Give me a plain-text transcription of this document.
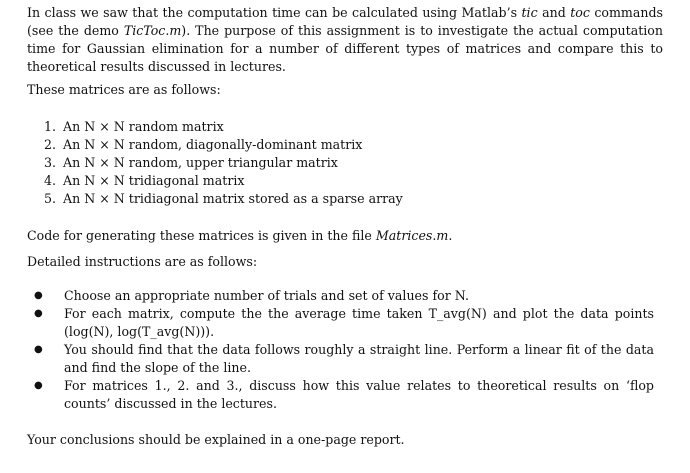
In class we saw that the computation time can be calculated using Matlab’s tic and toc commands (see the demo TicToc.m). The purpose of this assignment is to investigate the actual computation time for Gaussian elimination for a number of different types of matrices and compare this to theoretical results discussed in lectures.

These matrices are as follows:
1. An N × N random matrix
2. An N × N random, diagonally-dominant matrix
3. An N × N random, upper triangular matrix
4. An N × N tridiagonal matrix
5. An N × N tridiagonal matrix stored as a sparse array
Code for generating these matrices is given in the file Matrices.m.
Detailed instructions are as follows:
●	Choose an appropriate number of trials and set of values for N.
●	For each matrix, compute the the average time taken T_avg(N) and plot the data points (log(N), log(T_avg(N))).
●	You should find that the data follows roughly a straight line. Perform a linear fit of the data and find the slope of the line.
●	For matrices 1., 2. and 3., discuss how this value relates to theoretical results on ‘flop counts’ discussed in the lectures.
Your conclusions should be explained in a one-page report.
